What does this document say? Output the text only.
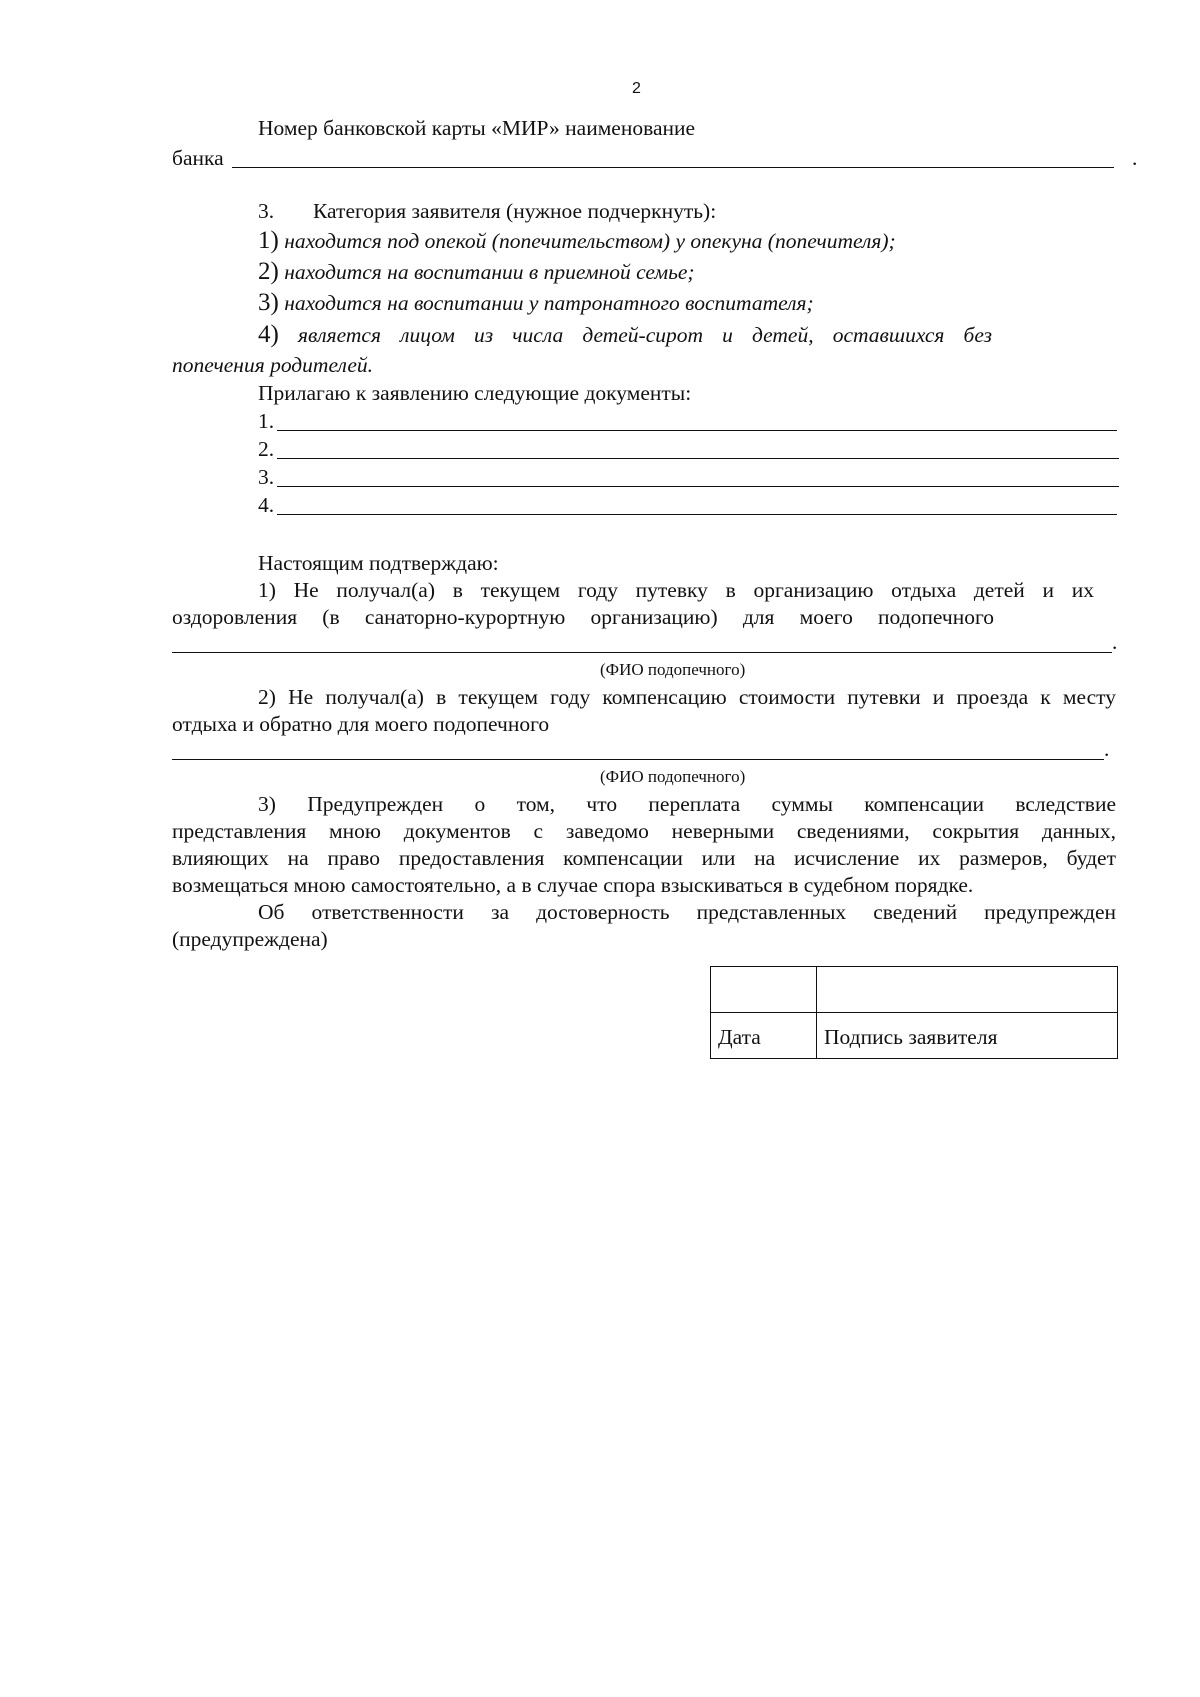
2
Номер банковской карты «МИР» наименование
банка	.
3. Категория заявителя (нужное подчеркнуть):
1) находится под опекой (попечительством) у опекуна (попечителя);
2) находится на воспитании в приемной семье;
3) находится на воспитании у патронатного воспитателя;
4) является лицом из числа детей-сирот и детей, оставшихся без
попечения родителей.
Прилагаю к заявлению следующие документы:
1.
2.
3.
4.
Настоящим подтверждаю:
1) Не получал(а) в текущем году путевку в организацию отдыха детей и их
оздоровления (в санаторно-курортную организацию) для моего подопечного
.
(ФИО подопечного)
2) Не получал(а) в текущем году компенсацию стоимости путевки и проезда к месту
отдыха и обратно для моего подопечного
.
(ФИО подопечного)
3) Предупрежден о том, что переплата суммы компенсации вследствие
представления мною документов с заведомо неверными сведениями, сокрытия данных,
влияющих на право предоставления компенсации или на исчисление их размеров, будет
возмещаться мною самостоятельно, а в случае спора взыскиваться в судебном порядке.
Об ответственности за достоверность представленных сведений предупрежден
(предупреждена)
Дата	Подпись заявителя
